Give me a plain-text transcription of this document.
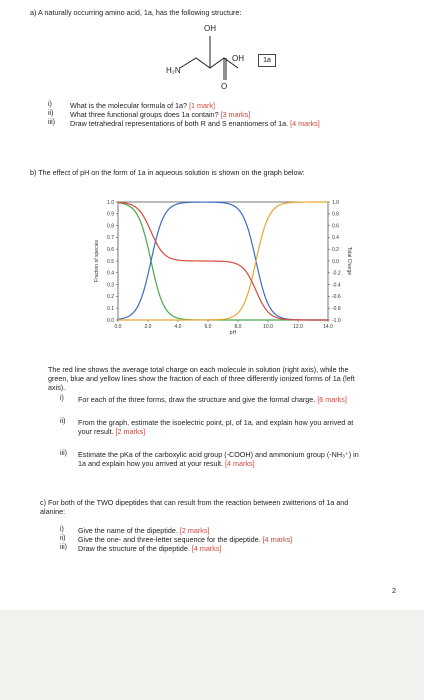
a) A naturally occurring amino acid, 1a, has the following structure:
OH
OH
H₂N
O
1a
i)	What is the molecular formula of 1a? [1 mark]
ii) What three functional groups does 1a contain? [3 marks]
iii) Draw tetrahedral representations of both R and S enantiomers of 1a. [4 marks]
b) The effect of pH on the form of 1a in aqueous solution is shown on the graph below:
0.0
0.1
0.2
0.3
0.4
0.5
0.6
0.7
0.8
0.9
1.0
-1.0
-0.8
-0.6
-0.4
-0.2
0.0
0.2
0.4
0.6
0.8
1.0
0.0	2.0	4.0	6.0	8.0	10.0	12.0	14.0
pH
Fraction of species	Total Charge
The red line shows the average total charge on each molecule in solution (right axis), while the green, blue and yellow lines show the fraction of each of three differently ionized forms of 1a (left axis).
i) For each of the three forms, draw the structure and give the formal charge. [6 marks]
ii) From the graph, estimate the isoelectric point, pI, of 1a, and explain how you arrived at your result. [2 marks]
iii) Estimate the pKa of the carboxylic acid group (-COOH) and ammonium group (-NH₃⁺) in 1a and explain how you arrived at your result. [4 marks]
c) For both of the TWO dipeptides that can result from the reaction between zwitterions of 1a and alanine:
i) Give the name of the dipeptide. [2 marks]
ii) Give the one- and three-letter sequence for the dipeptide. [4 marks]
iii) Draw the structure of the dipeptide. [4 marks]
2
